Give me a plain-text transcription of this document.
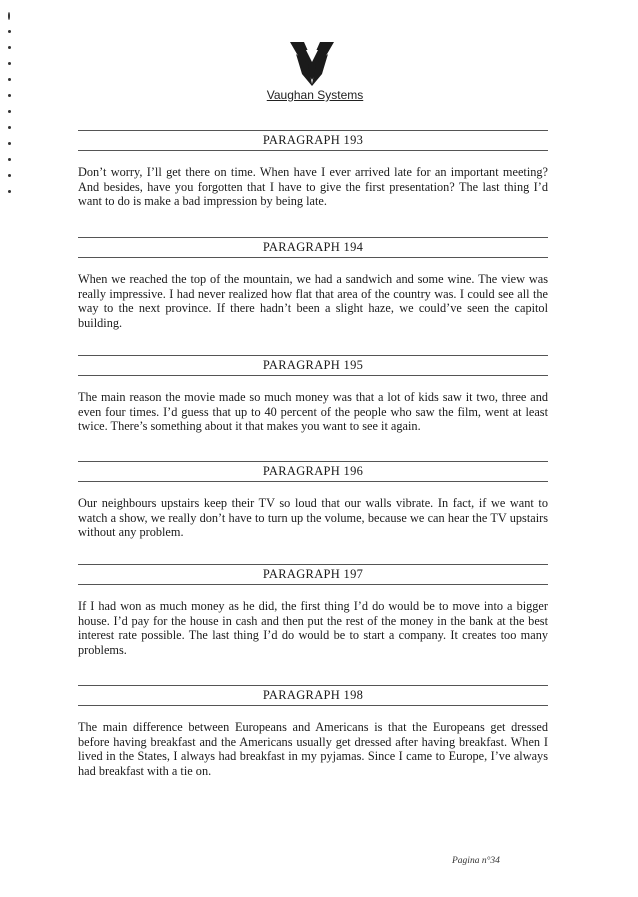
Vaughan Systems
PARAGRAPH 193

Don’t worry, I’ll get there on time. When have I ever arrived late for an important meeting? And besides, have you forgotten that I have to give the first presentation? The last thing I’d want to do is make a bad impression by being late.

PARAGRAPH 194

When we reached the top of the mountain, we had a sandwich and some wine. The view was really impressive. I had never realized how flat that area of the country was. I could see all the way to the next province. If there hadn’t been a slight haze, we could’ve seen the capitol building.

PARAGRAPH 195

The main reason the movie made so much money was that a lot of kids saw it two, three and even four times. I’d guess that up to 40 percent of the people who saw the film, went at least twice. There’s something about it that makes you want to see it again.

PARAGRAPH 196

Our neighbours upstairs keep their TV so loud that our walls vibrate. In fact, if we want to watch a show, we really don’t have to turn up the volume, because we can hear the TV upstairs without any problem.

PARAGRAPH 197

If I had won as much money as he did, the first thing I’d do would be to move into a bigger house. I’d pay for the house in cash and then put the rest of the money in the bank at the best interest rate possible. The last thing I’d do would be to start a company. It creates too many problems.

PARAGRAPH 198

The main difference between Europeans and Americans is that the Europeans get dressed before having breakfast and the Americans usually get dressed after having breakfast. When I lived in the States, I always had breakfast in my pyjamas. Since I came to Europe, I’ve always had breakfast with a tie on.

Pagina n°34
